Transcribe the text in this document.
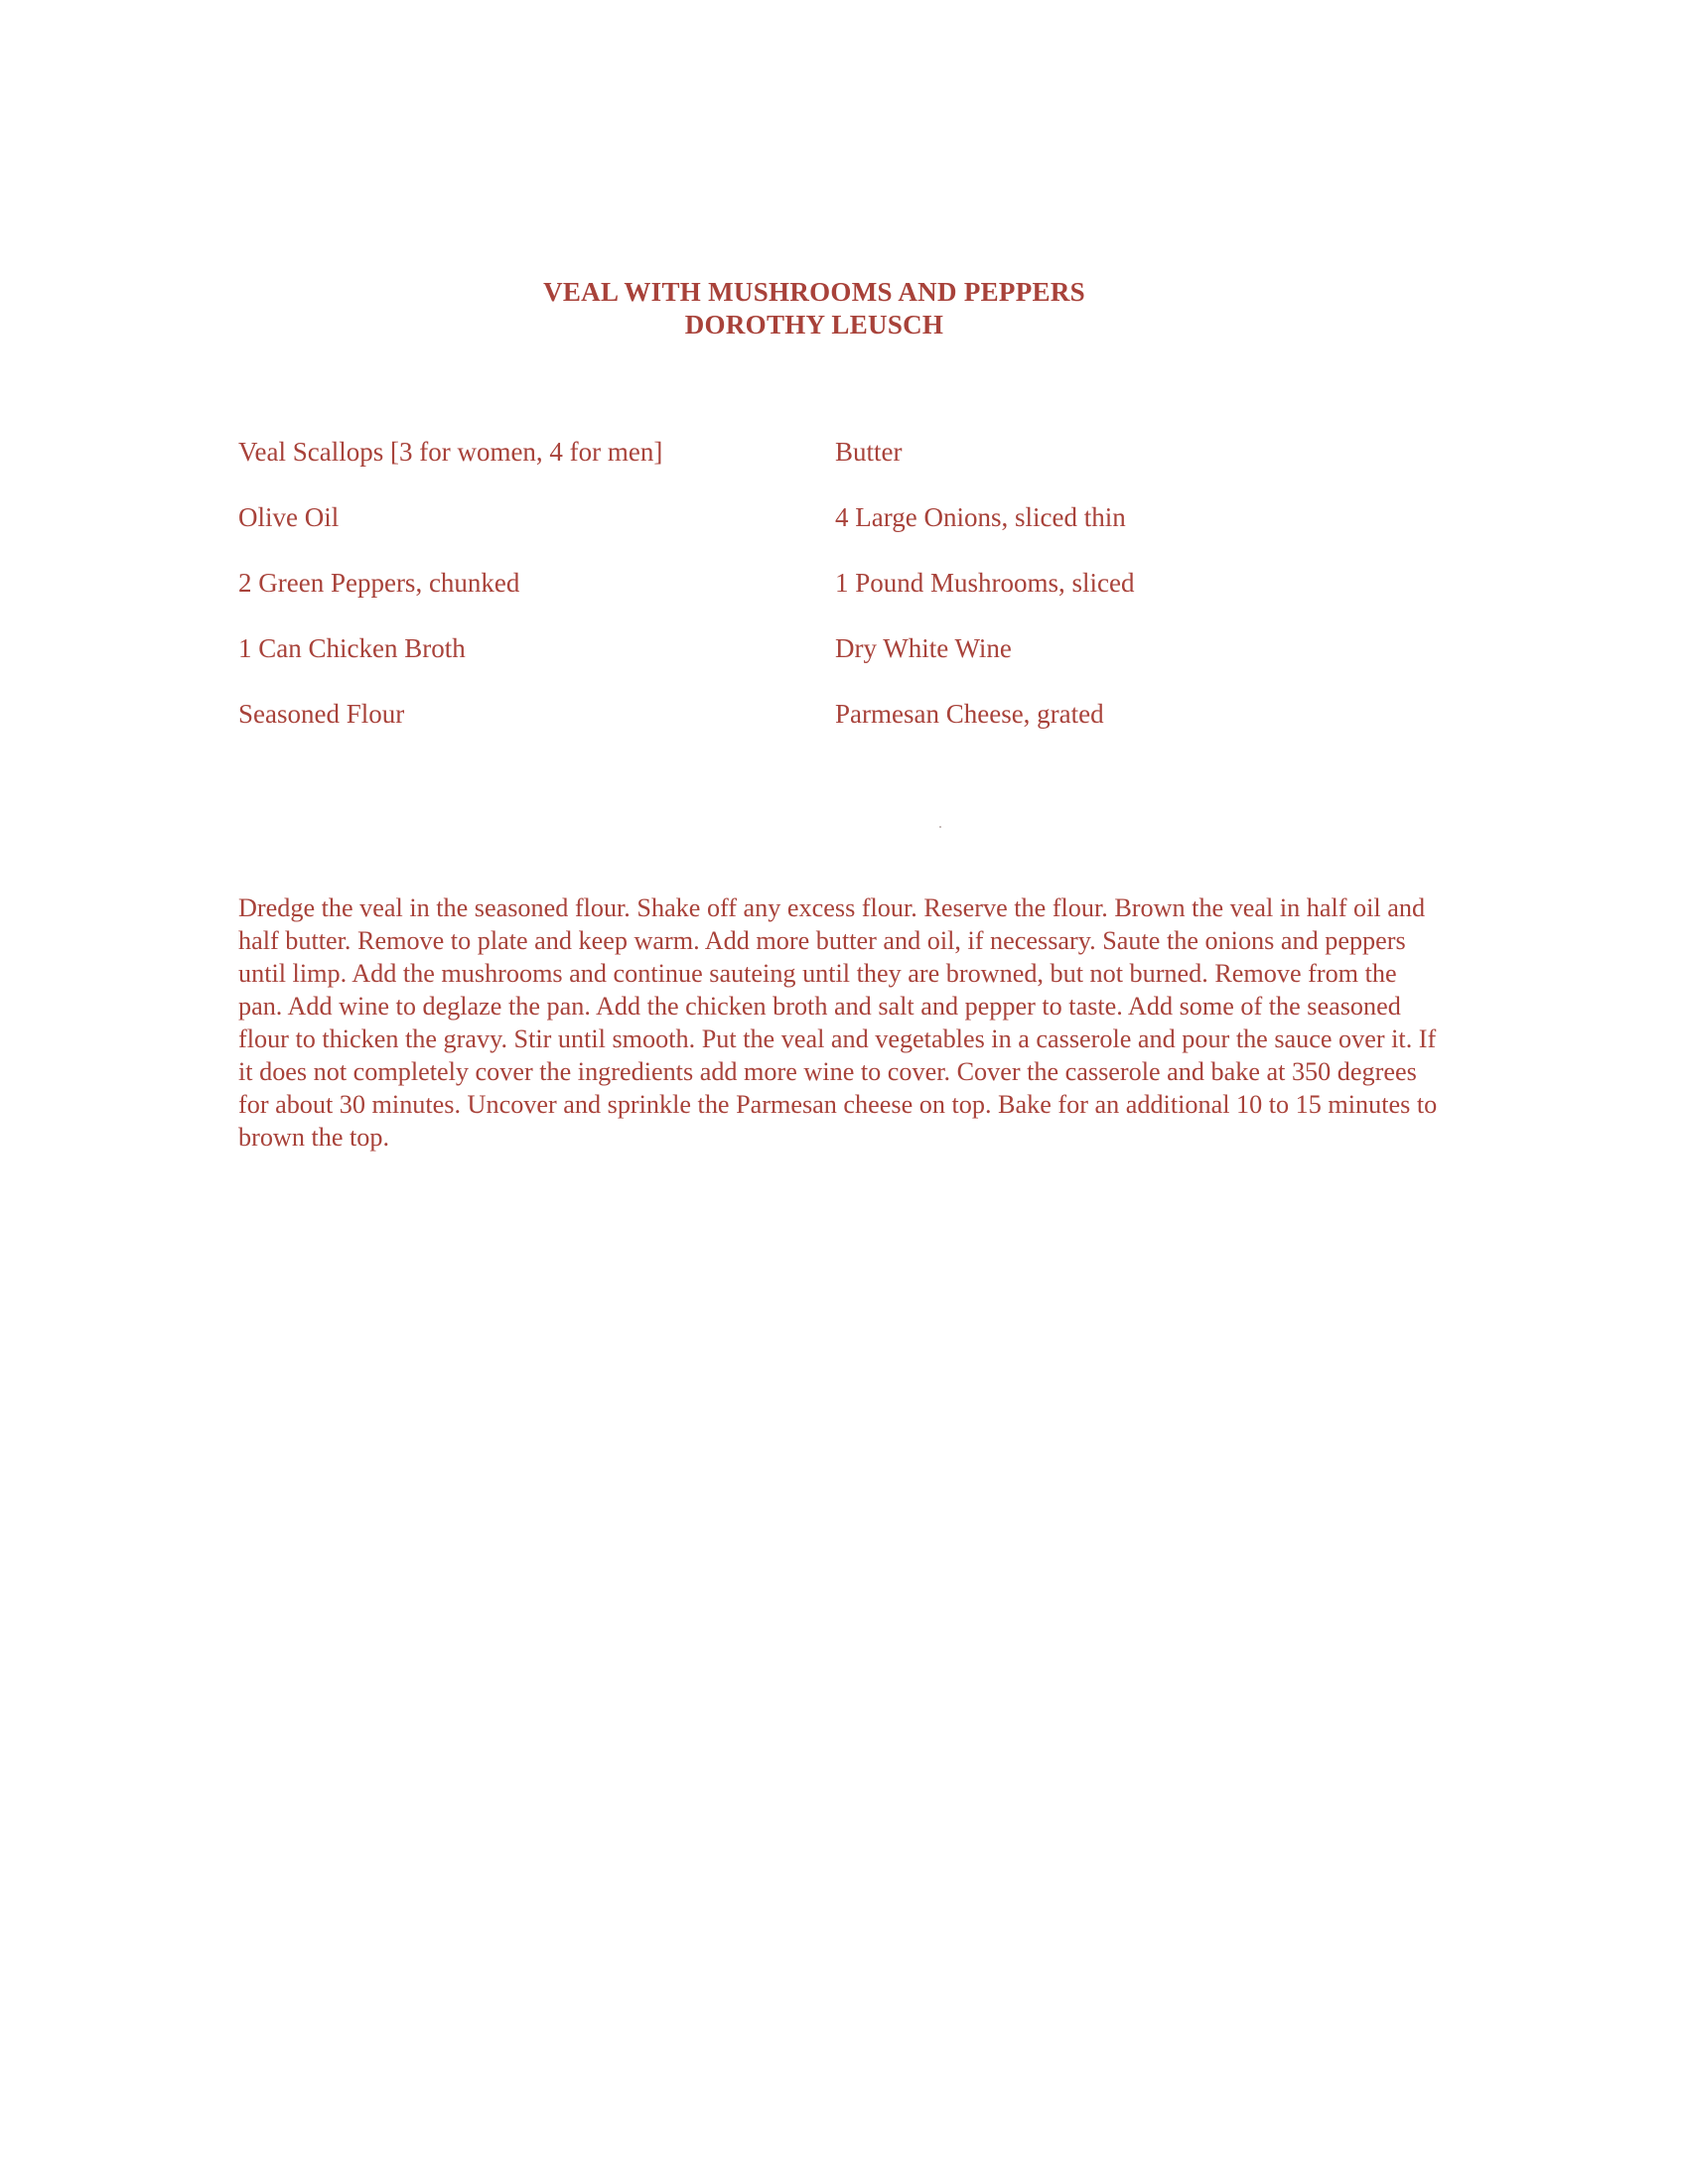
VEAL WITH MUSHROOMS AND PEPPERS
DOROTHY LEUSCH
Veal Scallops [3 for women, 4 for men]	Butter
Olive Oil	4 Large Onions, sliced thin
2 Green Peppers, chunked	1 Pound Mushrooms, sliced
1 Can Chicken Broth	Dry White Wine
Seasoned Flour	Parmesan Cheese, grated

Dredge the veal in the seasoned flour. Shake off any excess flour. Reserve the flour. Brown the veal in half oil and half butter. Remove to plate and keep warm. Add more butter and oil, if necessary. Saute the onions and peppers until limp. Add the mushrooms and continue sauteing until they are browned, but not burned. Remove from the pan. Add wine to deglaze the pan. Add the chicken broth and salt and pepper to taste. Add some of the seasoned flour to thicken the gravy. Stir until smooth. Put the veal and vegetables in a casserole and pour the sauce over it. If it does not completely cover the ingredients add more wine to cover. Cover the casserole and bake at 350 degrees for about 30 minutes. Uncover and sprinkle the Parmesan cheese on top. Bake for an additional 10 to 15 minutes to brown the top.
